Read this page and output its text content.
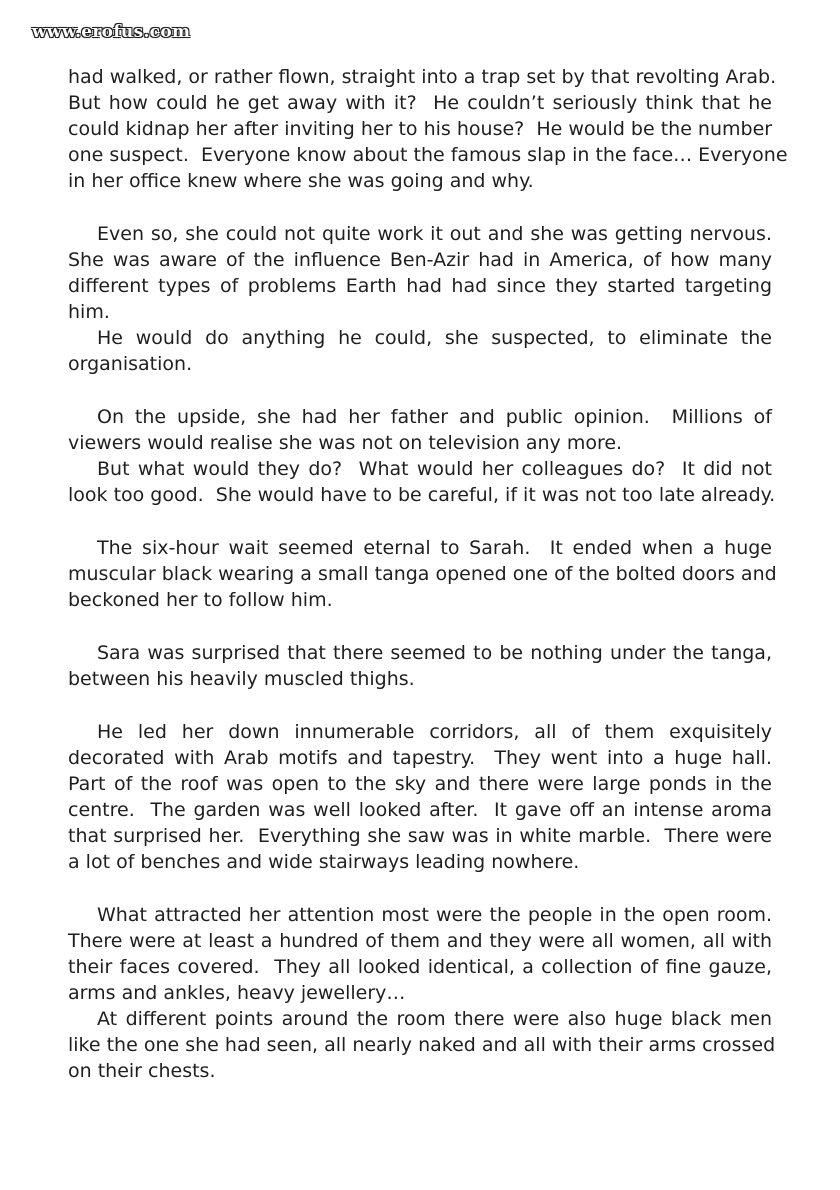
www.erofus.com
had walked, or rather flown, straight into a trap set by that revolting Arab.
But how could he get away with it?  He couldn’t seriously think that he
could kidnap her after inviting her to his house?  He would be the number
one suspect.  Everyone know about the famous slap in the face… Everyone
in her office knew where she was going and why.
Even so, she could not quite work it out and she was getting nervous.
She was aware of the influence Ben-Azir had in America, of how many
different types of problems Earth had had since they started targeting
him.
He would do anything he could, she suspected, to eliminate the
organisation.
On the upside, she had her father and public opinion.  Millions of
viewers would realise she was not on television any more.
But what would they do?  What would her colleagues do?  It did not
look too good.  She would have to be careful, if it was not too late already.
The six-hour wait seemed eternal to Sarah.  It ended when a huge
muscular black wearing a small tanga opened one of the bolted doors and
beckoned her to follow him.
Sara was surprised that there seemed to be nothing under the tanga,
between his heavily muscled thighs.
He led her down innumerable corridors, all of them exquisitely
decorated with Arab motifs and tapestry.  They went into a huge hall.
Part of the roof was open to the sky and there were large ponds in the
centre.  The garden was well looked after.  It gave off an intense aroma
that surprised her.  Everything she saw was in white marble.  There were
a lot of benches and wide stairways leading nowhere.
What attracted her attention most were the people in the open room.
There were at least a hundred of them and they were all women, all with
their faces covered.  They all looked identical, a collection of fine gauze,
arms and ankles, heavy jewellery…
At different points around the room there were also huge black men
like the one she had seen, all nearly naked and all with their arms crossed
on their chests.
